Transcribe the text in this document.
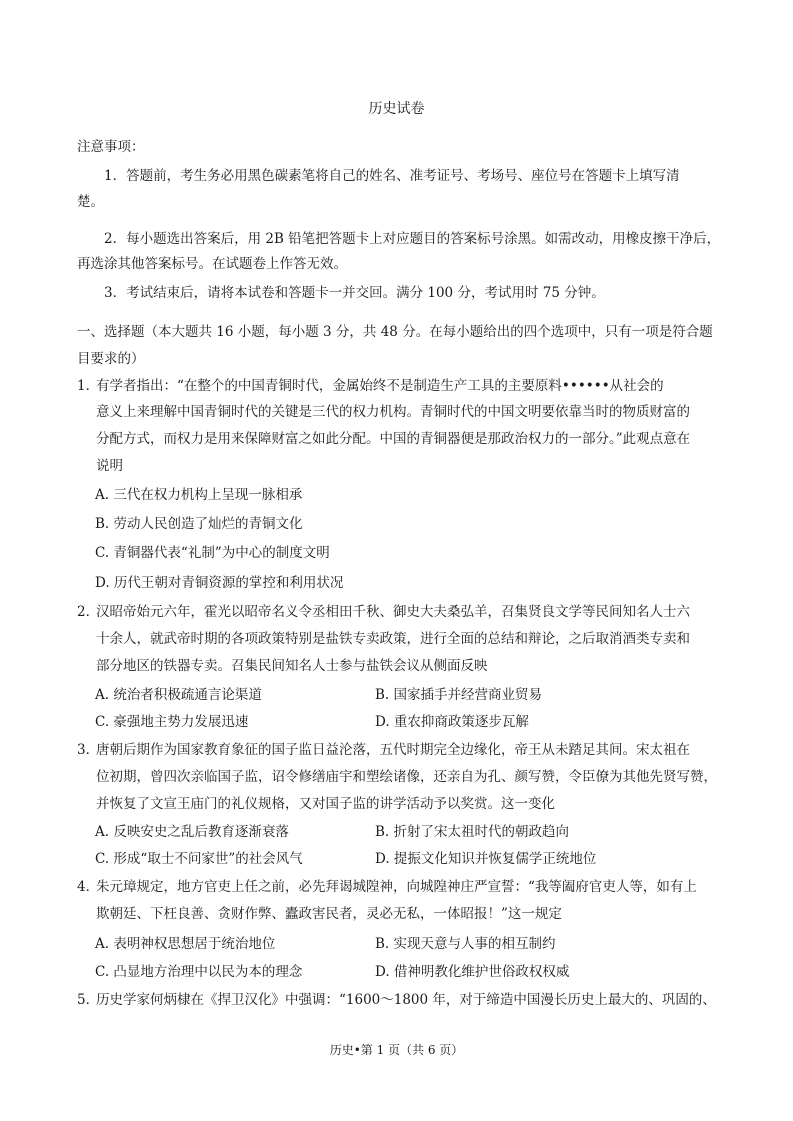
历史试卷
注意事项：
1．答题前，考生务必用黑色碳素笔将自己的姓名、准考证号、考场号、座位号在答题卡上填写清
楚。
2．每小题选出答案后，用 2B 铅笔把答题卡上对应题目的答案标号涂黑。如需改动，用橡皮擦干净后，
再选涂其他答案标号。在试题卷上作答无效。
3．考试结束后，请将本试卷和答题卡一并交回。满分 100 分，考试用时 75 分钟。
一、选择题（本大题共 16 小题，每小题 3 分，共 48 分。在每小题给出的四个选项中，只有一项是符合题
目要求的）
1．
有学者指出：“在整个的中国青铜时代，金属始终不是制造生产工具的主要原料••••••从社会的
意义上来理解中国青铜时代的关键是三代的权力机构。青铜时代的中国文明要依靠当时的物质财富的
分配方式，而权力是用来保障财富之如此分配。中国的青铜器便是那政治权力的一部分。”此观点意在
说明
A. 三代在权力机构上呈现一脉相承
B. 劳动人民创造了灿烂的青铜文化
C. 青铜器代表“礼制”为中心的制度文明
D. 历代王朝对青铜资源的掌控和利用状况
2．
汉昭帝始元六年，霍光以昭帝名义令丞相田千秋、御史大夫桑弘羊，召集贤良文学等民间知名人士六
十余人，就武帝时期的各项政策特别是盐铁专卖政策，进行全面的总结和辩论，之后取消酒类专卖和
部分地区的铁器专卖。召集民间知名人士参与盐铁会议从侧面反映
A. 统治者积极疏通言论渠道	B. 国家插手并经营商业贸易
C. 豪强地主势力发展迅速	D. 重农抑商政策逐步瓦解
3．
唐朝后期作为国家教育象征的国子监日益沦落，五代时期完全边缘化，帝王从未踏足其间。宋太祖在
位初期，曾四次亲临国子监，诏令修缮庙宇和塑绘诸像，还亲自为孔、颜写赞，令臣僚为其他先贤写赞，
并恢复了文宣王庙门的礼仪规格，又对国子监的讲学活动予以奖赏。这一变化
A. 反映安史之乱后教育逐渐衰落	B. 折射了宋太祖时代的朝政趋向
C. 形成“取士不问家世”的社会风气	D. 提振文化知识并恢复儒学正统地位
4．
朱元璋规定，地方官吏上任之前，必先拜谒城隍神，向城隍神庄严宣誓：“我等阖府官吏人等，如有上
欺朝廷、下枉良善、贪财作弊、蠹政害民者，灵必无私，一体昭报！”这一规定
A. 表明神权思想居于统治地位	B. 实现天意与人事的相互制约
C. 凸显地方治理中以民为本的理念	D. 借神明教化维护世俗政权权威
5．
历史学家何炳棣在《捍卫汉化》中强调：“1600～1800 年，对于缔造中国漫长历史上最大的、巩固的、
历史•第 1 页（共 6 页）
